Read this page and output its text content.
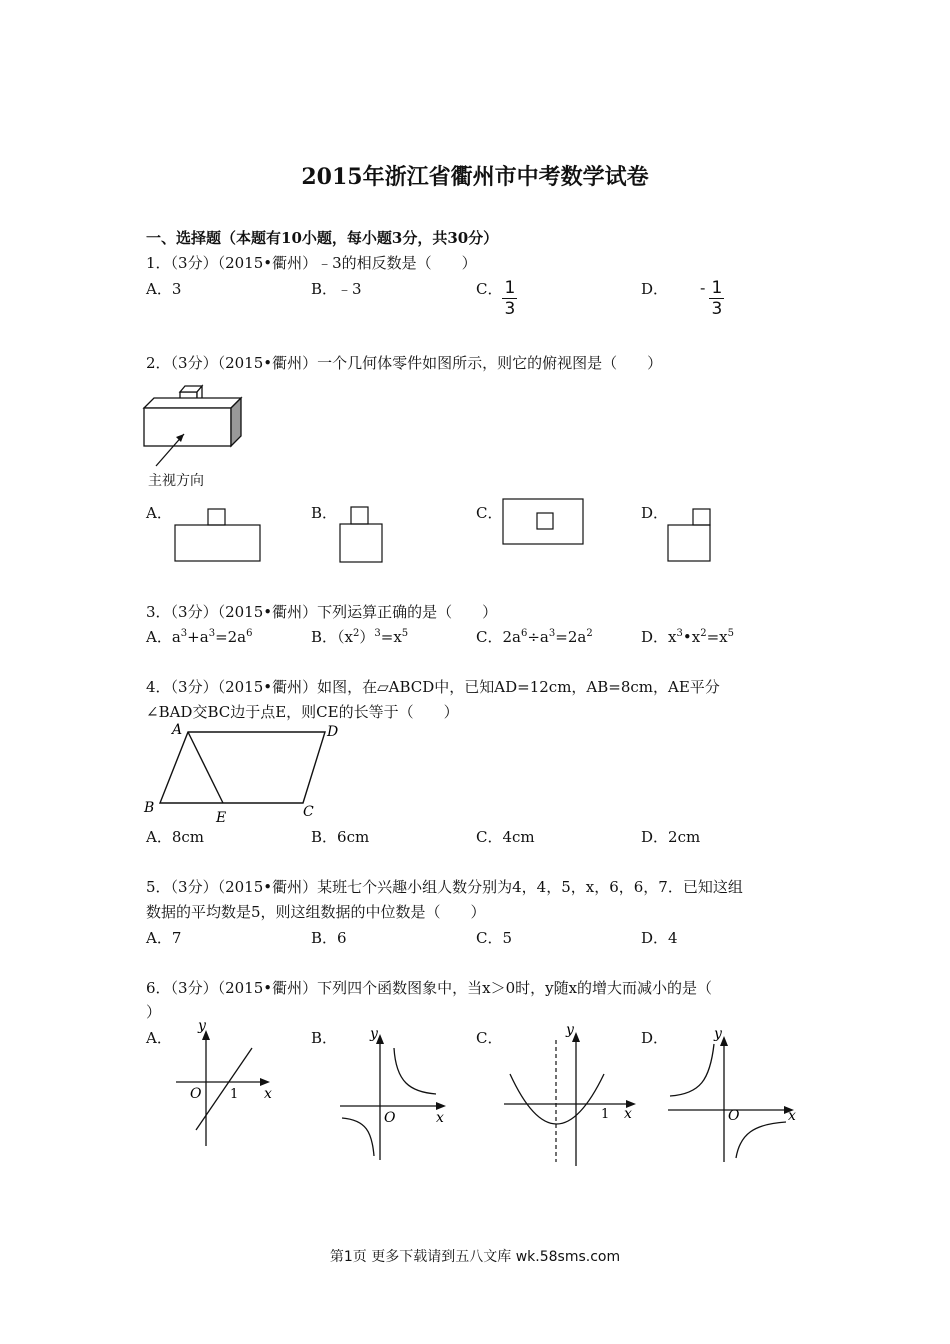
2015年浙江省衢州市中考数学试卷
一、选择题（本题有10小题，每小题3分，共30分）
1．（3分）（2015•衢州）﹣3的相反数是（　　）
A．3	B．﹣3	C． $\frac{1}{3}$	D． - $\frac{1}{3}$
2．（3分）（2015•衢州）一个几何体零件如图所示，则它的俯视图是（　　）
主视方向
A．	B．	C．	D．
3．（3分）（2015•衢州）下列运算正确的是（　　）
A．$a^3+a^3=2a^6$	B．$(x^2)^3=x^5$	C．$2a^6\div a^3=2a^2$	D．$x^3•x^2=x^5$
4．（3分）（2015•衢州）如图，在▱ABCD中，已知AD=12cm，AB=8cm，AE平分
∠BAD交BC边于点E，则CE的长等于（　　）
A	D
B	C
E
A．8cm	B．6cm	C．4cm	D．2cm
5．（3分）（2015•衢州）某班七个兴趣小组人数分别为4，4，5，x，6，6，7．已知这组
数据的平均数是5，则这组数据的中位数是（　　）
A．7	B．6	C．5	D．4
6．（3分）（2015•衢州）下列四个函数图象中，当x＞0时，y随x的增大而减小的是（
）
A．
y
x
O 1
B． y
x
O
C．	y
x
1
D．	y
x
O
第1页 更多下载请到五八文库 wk.58sms.com
